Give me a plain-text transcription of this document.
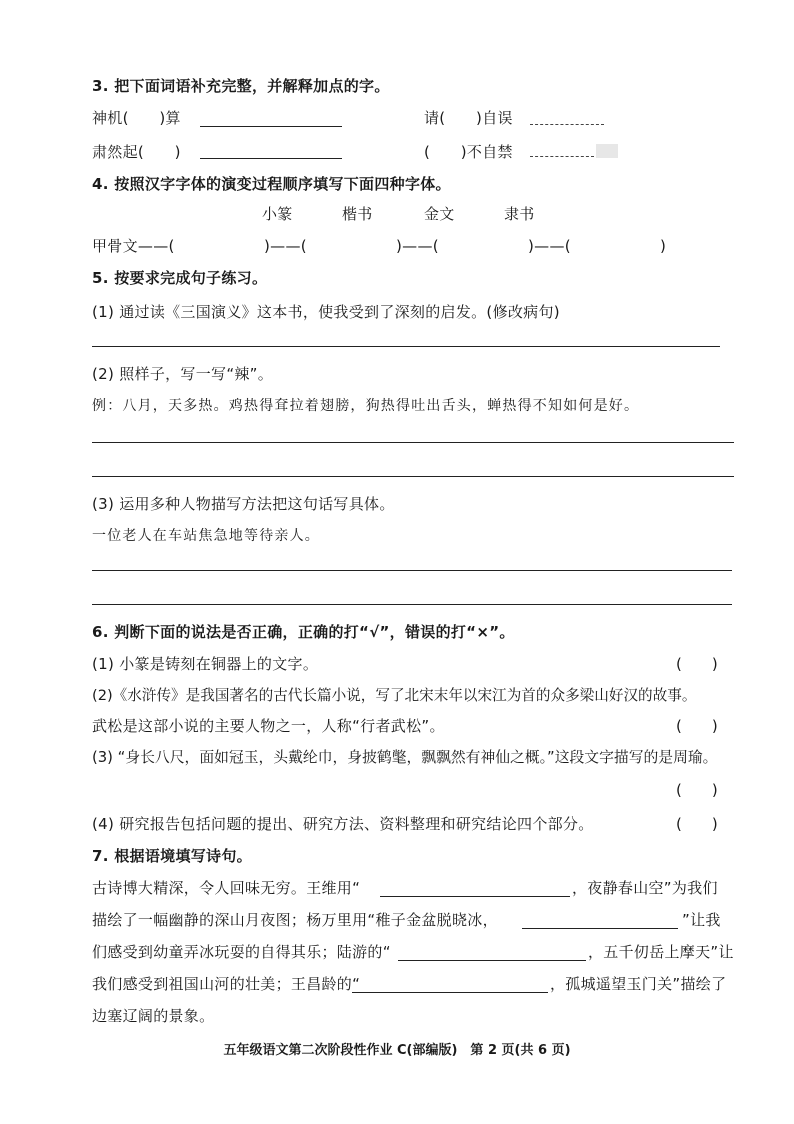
3. 把下面词语补充完整，并解释加点的字。
神机(　　)算	请(　　)自误
肃然起(　　)	(　　)不自禁
4. 按照汉字字体的演变过程顺序填写下面四种字体。
小篆	楷书	金文	隶书
甲骨文——(	)——(	)——(	)——(	)
5. 按要求完成句子练习。
(1) 通过读《三国演义》这本书，使我受到了深刻的启发。(修改病句)
(2) 照样子，写一写“辣”。
例：八月，天多热。鸡热得耷拉着翅膀，狗热得吐出舌头，蝉热得不知如何是好。
(3) 运用多种人物描写方法把这句话写具体。
一位老人在车站焦急地等待亲人。
6. 判断下面的说法是否正确，正确的打“√”，错误的打“×”。
(1) 小篆是铸刻在铜器上的文字。	(　　)
(2)《水浒传》是我国著名的古代长篇小说，写了北宋末年以宋江为首的众多梁山好汉的故事。
武松是这部小说的主要人物之一，人称“行者武松”。	(　　)
(3) “身长八尺，面如冠玉，头戴纶巾，身披鹤氅，飘飘然有神仙之概。”这段文字描写的是周瑜。
(　　)
(4) 研究报告包括问题的提出、研究方法、资料整理和研究结论四个部分。	(　　)
7. 根据语境填写诗句。
古诗博大精深，令人回味无穷。王维用“	，夜静春山空”为我们
描绘了一幅幽静的深山月夜图；杨万里用“稚子金盆脱晓冰，	”让我
们感受到幼童弄冰玩耍的自得其乐；陆游的“	，五千仞岳上摩天”让
我们感受到祖国山河的壮美；王昌龄的“	，孤城遥望玉门关”描绘了
边塞辽阔的景象。
五年级语文第二次阶段性作业 C(部编版)　第 2 页(共 6 页)
